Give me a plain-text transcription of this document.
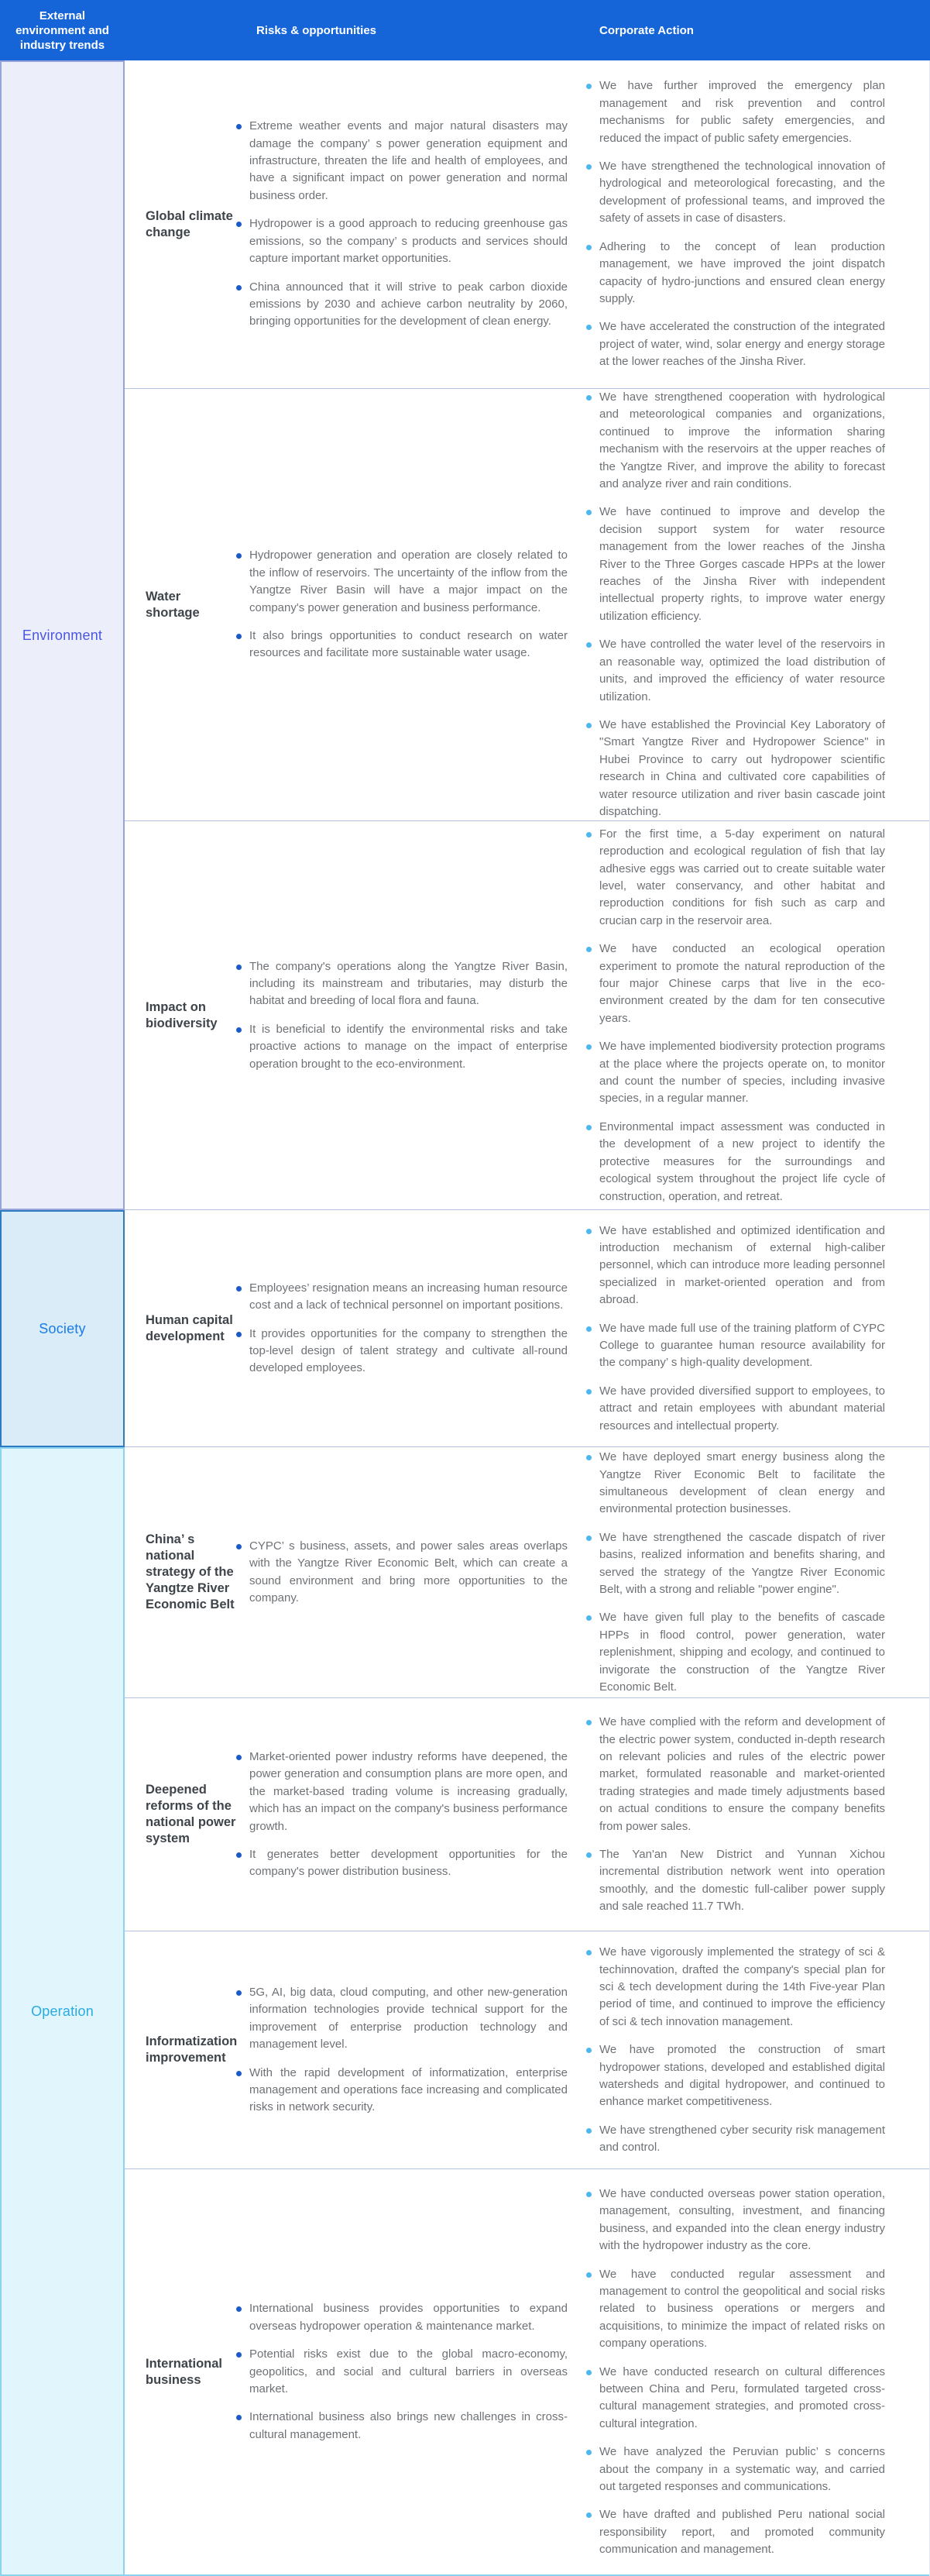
External environment and industry trends
Risks & opportunities	Corporate Action
Environment
Global climate change
Extreme weather events and major natural disasters may damage the company’ s power generation equipment and infrastructure, threaten the life and health of employees, and have a significant impact on power generation and normal business order.
Hydropower is a good approach to reducing greenhouse gas emissions, so the company’ s products and services should capture important market opportunities.
China announced that it will strive to peak carbon dioxide emissions by 2030 and achieve carbon neutrality by 2060, bringing opportunities for the development of clean energy.
We have further improved the emergency plan management and risk prevention and control mechanisms for public safety emergencies, and reduced the impact of public safety emergencies.
We have strengthened the technological innovation of hydrological and meteorological forecasting, and the development of professional teams, and improved the safety of assets in case of disasters.
Adhering to the concept of lean production management, we have improved the joint dispatch capacity of hydro-junctions and ensured clean energy supply.
We have accelerated the construction of the integrated project of water, wind, solar energy and energy storage at the lower reaches of the Jinsha River.
Water shortage
Hydropower generation and operation are closely related to the inflow of reservoirs. The uncertainty of the inflow from the Yangtze River Basin will have a major impact on the company's power generation and business performance.
It also brings opportunities to conduct research on water resources and facilitate more sustainable water usage.
We have strengthened cooperation with hydrological and meteorological companies and organizations, continued to improve the information sharing mechanism with the reservoirs at the upper reaches of the Yangtze River, and improve the ability to forecast and analyze river and rain conditions.
We have continued to improve and develop the decision support system for water resource management from the lower reaches of the Jinsha River to the Three Gorges cascade HPPs at the lower reaches of the Jinsha River with independent intellectual property rights, to improve water energy utilization efficiency.
We have controlled the water level of the reservoirs in an reasonable way, optimized the load distribution of units, and improved the efficiency of water resource utilization.
We have established the Provincial Key Laboratory of "Smart Yangtze River and Hydropower Science" in Hubei Province to carry out hydropower scientific research in China and cultivated core capabilities of water resource utilization and river basin cascade joint dispatching.
Impact on biodiversity
The company's operations along the Yangtze River Basin, including its mainstream and tributaries, may disturb the habitat and breeding of local flora and fauna.
It is beneficial to identify the environmental risks and take proactive actions to manage on the impact of enterprise operation brought to the eco-environment.
For the first time, a 5-day experiment on natural reproduction and ecological regulation of fish that lay adhesive eggs was carried out to create suitable water level, water conservancy, and other habitat and reproduction conditions for fish such as carp and crucian carp in the reservoir area.
We have conducted an ecological operation experiment to promote the natural reproduction of the four major Chinese carps that live in the eco-environment created by the dam for ten consecutive years.
We have implemented biodiversity protection programs at the place where the projects operate on, to monitor and count the number of species, including invasive species, in a regular manner.
Environmental impact assessment was conducted in the development of a new project to identify the protective measures for the surroundings and ecological system throughout the project life cycle of construction, operation, and retreat.
Society
Human capital development
Employees’ resignation means an increasing human resource cost and a lack of technical personnel on important positions.
It provides opportunities for the company to strengthen the top-level design of talent strategy and cultivate all-round developed employees.
We have established and optimized identification and introduction mechanism of external high-caliber personnel, which can introduce more leading personnel specialized in market-oriented operation and from abroad.
We have made full use of the training platform of CYPC College to guarantee human resource availability for the company’ s high-quality development.
We have provided diversified support to employees, to attract and retain employees with abundant material resources and intellectual property.
Operation
China’ s national strategy of the Yangtze River Economic Belt
CYPC’ s business, assets, and power sales areas overlaps with the Yangtze River Economic Belt, which can create a sound environment and bring more opportunities to the company.
We have deployed smart energy business along the Yangtze River Economic Belt to facilitate the simultaneous development of clean energy and environmental protection businesses.
We have strengthened the cascade dispatch of river basins, realized information and benefits sharing, and served the strategy of the Yangtze River Economic Belt, with a strong and reliable "power engine".
We have given full play to the benefits of cascade HPPs in flood control, power generation, water replenishment, shipping and ecology, and continued to invigorate the construction of the Yangtze River Economic Belt.
Deepened reforms of the national power system
Market-oriented power industry reforms have deepened, the power generation and consumption plans are more open, and the market-based trading volume is increasing gradually, which has an impact on the company's business performance growth.
It generates better development opportunities for the company's power distribution business.
We have complied with the reform and development of the electric power system, conducted in-depth research on relevant policies and rules of the electric power market, formulated reasonable and market-oriented trading strategies and made timely adjustments based on actual conditions to ensure the company benefits from power sales.
The Yan'an New District and Yunnan Xichou incremental distribution network went into operation smoothly, and the domestic full-caliber power supply and sale reached 11.7 TWh.
Informatization improvement
5G, AI, big data, cloud computing, and other new-generation information technologies provide technical support for the improvement of enterprise production technology and management level.
With the rapid development of informatization, enterprise management and operations face increasing and complicated risks in network security.
We have vigorously implemented the strategy of sci & techinnovation, drafted the company's special plan for sci & tech development during the 14th Five-year Plan period of time, and continued to improve the efficiency of sci & tech innovation management.
We have promoted the construction of smart hydropower stations, developed and established digital watersheds and digital hydropower, and continued to enhance market competitiveness.
We have strengthened cyber security risk management and control.
International business
International business provides opportunities to expand overseas hydropower operation & maintenance market.
Potential risks exist due to the global macro-economy, geopolitics, and social and cultural barriers in overseas market.
International business also brings new challenges in cross-cultural management.
We have conducted overseas power station operation, management, consulting, investment, and financing business, and expanded into the clean energy industry with the hydropower industry as the core.
We have conducted regular assessment and management to control the geopolitical and social risks related to business operations or mergers and acquisitions, to minimize the impact of related risks on company operations.
We have conducted research on cultural differences between China and Peru, formulated targeted cross-cultural management strategies, and promoted cross-cultural integration.
We have analyzed the Peruvian public’ s concerns about the company in a systematic way, and carried out targeted responses and communications.
We have drafted and published Peru national social responsibility report, and promoted community communication and management.
